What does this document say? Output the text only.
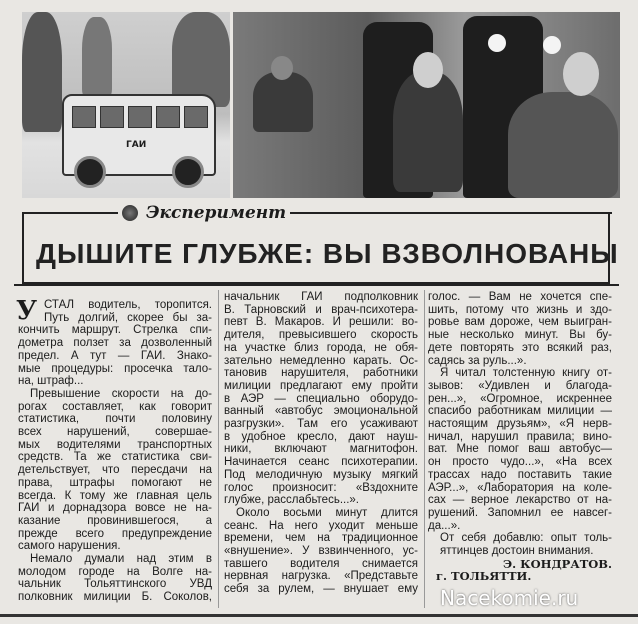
ГАИ
Эксперимент
ДЫШИТЕ ГЛУБЖЕ: ВЫ ВЗВОЛНОВАНЫ
У СТАЛ водитель, торопится.
Путь долгий, скорее бы за-
кончить маршрут. Стрелка спи-
дометра ползет за дозволенный
предел. А тут — ГАИ. Знако-
мые процедуры: просечка тало-
на, штраф...
Превышение скорости на до-
рогах составляет, как говорит
статистика, почти половину
всех нарушений, совершае-
мых водителями транспортных
средств. Та же статистика сви-
детельствует, что пересдачи на
права, штрафы помогают не
всегда. К тому же главная цель
ГАИ и дорнадзора вовсе не на-
казание провинившегося, а
прежде всего предупреждение
самого нарушения.
Немало думали над этим в
молодом городе на Волге на-
чальник Тольяттинского УВД
полковник милиции Б. Соколов,
начальник ГАИ подполковник
В. Тарновский и врач-психотера-
певт В. Макаров. И решили: во-
дителя, превысившего скорость
на участке близ города, не обя-
зательно немедленно карать. Ос-
тановив нарушителя, работники
милиции предлагают ему пройти
в АЭР — специально оборудо-
ванный «автобус эмоциональной
разгрузки». Там его усаживают
в удобное кресло, дают науш-
ники, включают магнитофон.
Начинается сеанс психотерапии.
Под мелодичную музыку мягкий
голос произносит: «Вздохните
глубже, расслабьтесь...».
Около восьми минут длится
сеанс. На него уходит меньше
времени, чем на традиционное
«внушение». У взвинченного, ус-
тавшего водителя снимается
нервная нагрузка. «Представьте
себя за рулем, — внушает ему
голос. — Вам не хочется спе-
шить, потому что жизнь и здо-
ровье вам дороже, чем выигран-
ные несколько минут. Вы бу-
дете повторять это всякий раз,
садясь за руль...».
Я читал толстенную книгу от-
зывов: «Удивлен и благода-
рен...», «Огромное, искреннее
спасибо работникам милиции —
настоящим друзьям», «Я нерв-
ничал, нарушил правила; вино-
ват. Мне помог ваш автобус—
он просто чудо...», «На всех
трассах надо поставить такие
АЭР...», «Лаборатория на коле-
сах — верное лекарство от на-
рушений. Запомнил ее навсег-
да...».
От себя добавлю: опыт толь-
яттинцев достоин внимания.
Э. КОНДРАТОВ.
г. ТОЛЬЯТТИ.
Nacekomie.ru
